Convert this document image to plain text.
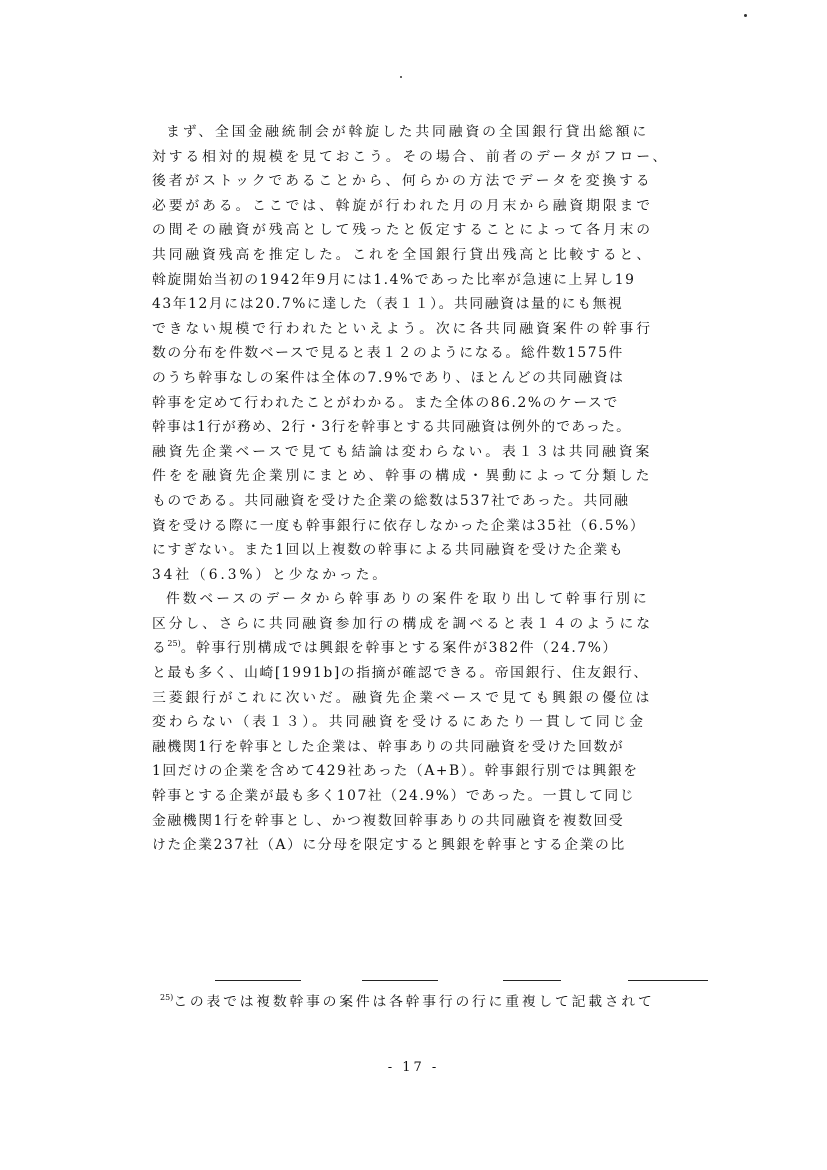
まず、全国金融統制会が斡旋した共同融資の全国銀行貸出総額に
対する相対的規模を見ておこう。その場合、前者のデータがフロー、
後者がストックであることから、何らかの方法でデータを変換する
必要がある。ここでは、斡旋が行われた月の月末から融資期限まで
の間その融資が残高として残ったと仮定することによって各月末の
共同融資残高を推定した。これを全国銀行貸出残高と比較すると、
斡旋開始当初の1942年9月には1.4%であった比率が急速に上昇し19
43年12月には20.7%に達した（表１１）。共同融資は量的にも無視
できない規模で行われたといえよう。次に各共同融資案件の幹事行
数の分布を件数ベースで見ると表１２のようになる。総件数1575件
のうち幹事なしの案件は全体の7.9%であり、ほとんどの共同融資は
幹事を定めて行われたことがわかる。また全体の86.2%のケースで
幹事は1行が務め、2行・3行を幹事とする共同融資は例外的であった。
融資先企業ベースで見ても結論は変わらない。表１３は共同融資案
件をを融資先企業別にまとめ、幹事の構成・異動によって分類した
ものである。共同融資を受けた企業の総数は537社であった。共同融
資を受ける際に一度も幹事銀行に依存しなかった企業は35社（6.5%）
にすぎない。また1回以上複数の幹事による共同融資を受けた企業も
34社（6.3%）と少なかった。
件数ベースのデータから幹事ありの案件を取り出して幹事行別に
区分し、さらに共同融資参加行の構成を調べると表１４のようにな
る$^{25)}$。幹事行別構成では興銀を幹事とする案件が382件（24.7%）
と最も多く、山崎[1991b]の指摘が確認できる。帝国銀行、住友銀行、
三菱銀行がこれに次いだ。融資先企業ベースで見ても興銀の優位は
変わらない（表１３）。共同融資を受けるにあたり一貫して同じ金
融機関1行を幹事とした企業は、幹事ありの共同融資を受けた回数が
1回だけの企業を含めて429社あった（A+B）。幹事銀行別では興銀を
幹事とする企業が最も多く107社（24.9%）であった。一貫して同じ
金融機関1行を幹事とし、かつ複数回幹事ありの共同融資を複数回受
けた企業237社（A）に分母を限定すると興銀を幹事とする企業の比
$^{25)}$この表では複数幹事の案件は各幹事行の行に重複して記載されて
- 17 -
